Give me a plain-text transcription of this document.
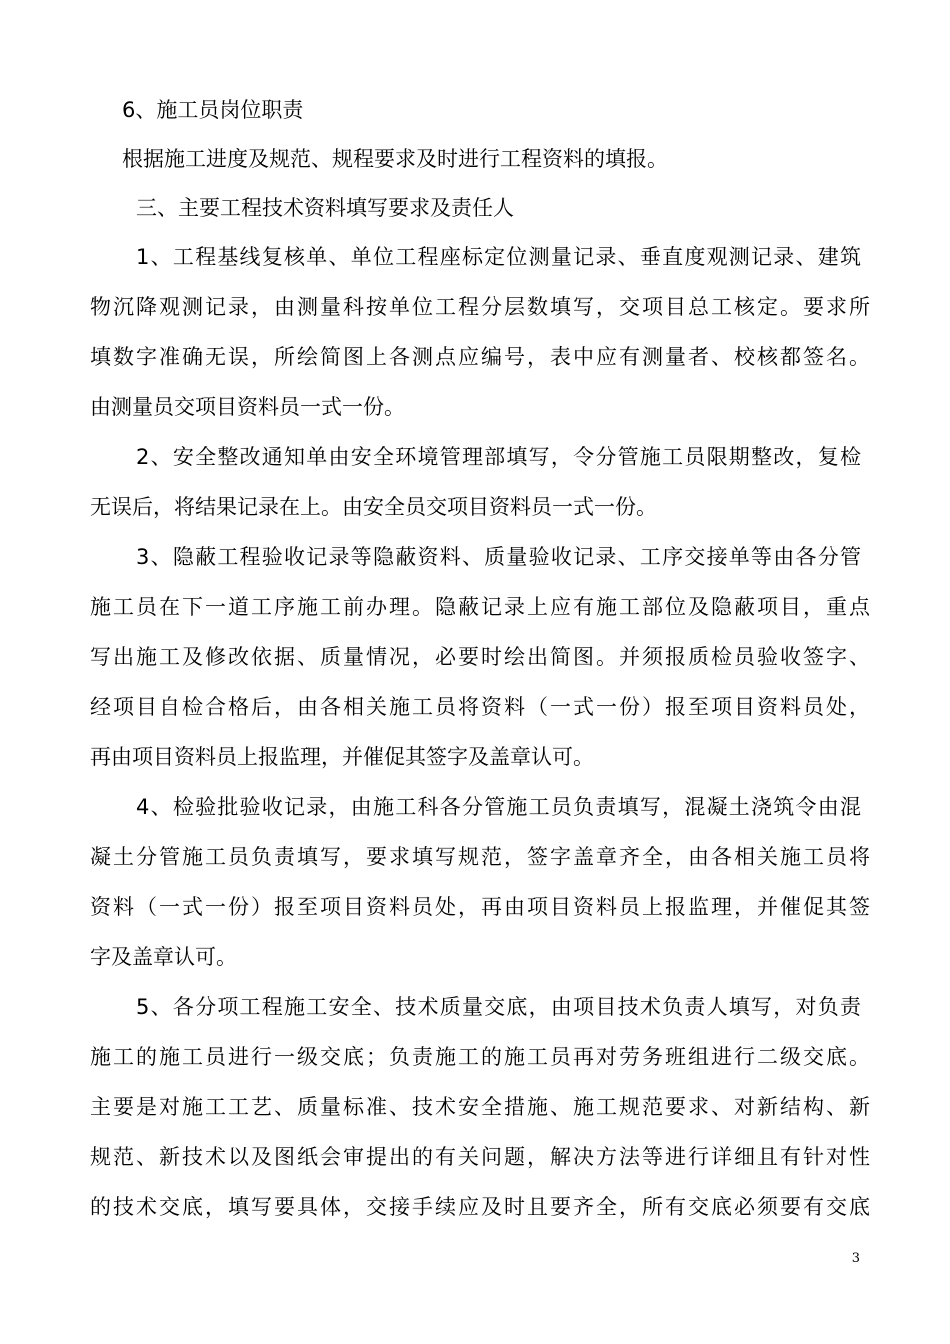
6、施工员岗位职责
根据施工进度及规范、规程要求及时进行工程资料的填报。
三、主要工程技术资料填写要求及责任人
1、工程基线复核单、单位工程座标定位测量记录、垂直度观测记录、建筑
物沉降观测记录，由测量科按单位工程分层数填写，交项目总工核定。要求所
填数字准确无误，所绘简图上各测点应编号，表中应有测量者、校核都签名。
由测量员交项目资料员一式一份。
2、安全整改通知单由安全环境管理部填写，令分管施工员限期整改，复检
无误后，将结果记录在上。由安全员交项目资料员一式一份。
3、隐蔽工程验收记录等隐蔽资料、质量验收记录、工序交接单等由各分管
施工员在下一道工序施工前办理。隐蔽记录上应有施工部位及隐蔽项目，重点
写出施工及修改依据、质量情况，必要时绘出简图。并须报质检员验收签字、
经项目自检合格后，由各相关施工员将资料（一式一份）报至项目资料员处，
再由项目资料员上报监理，并催促其签字及盖章认可。
4、检验批验收记录，由施工科各分管施工员负责填写，混凝土浇筑令由混
凝土分管施工员负责填写，要求填写规范，签字盖章齐全，由各相关施工员将
资料（一式一份）报至项目资料员处，再由项目资料员上报监理，并催促其签
字及盖章认可。
5、各分项工程施工安全、技术质量交底，由项目技术负责人填写，对负责
施工的施工员进行一级交底；负责施工的施工员再对劳务班组进行二级交底。
主要是对施工工艺、质量标准、技术安全措施、施工规范要求、对新结构、新
规范、新技术以及图纸会审提出的有关问题，解决方法等进行详细且有针对性
的技术交底，填写要具体，交接手续应及时且要齐全，所有交底必须要有交底
3
